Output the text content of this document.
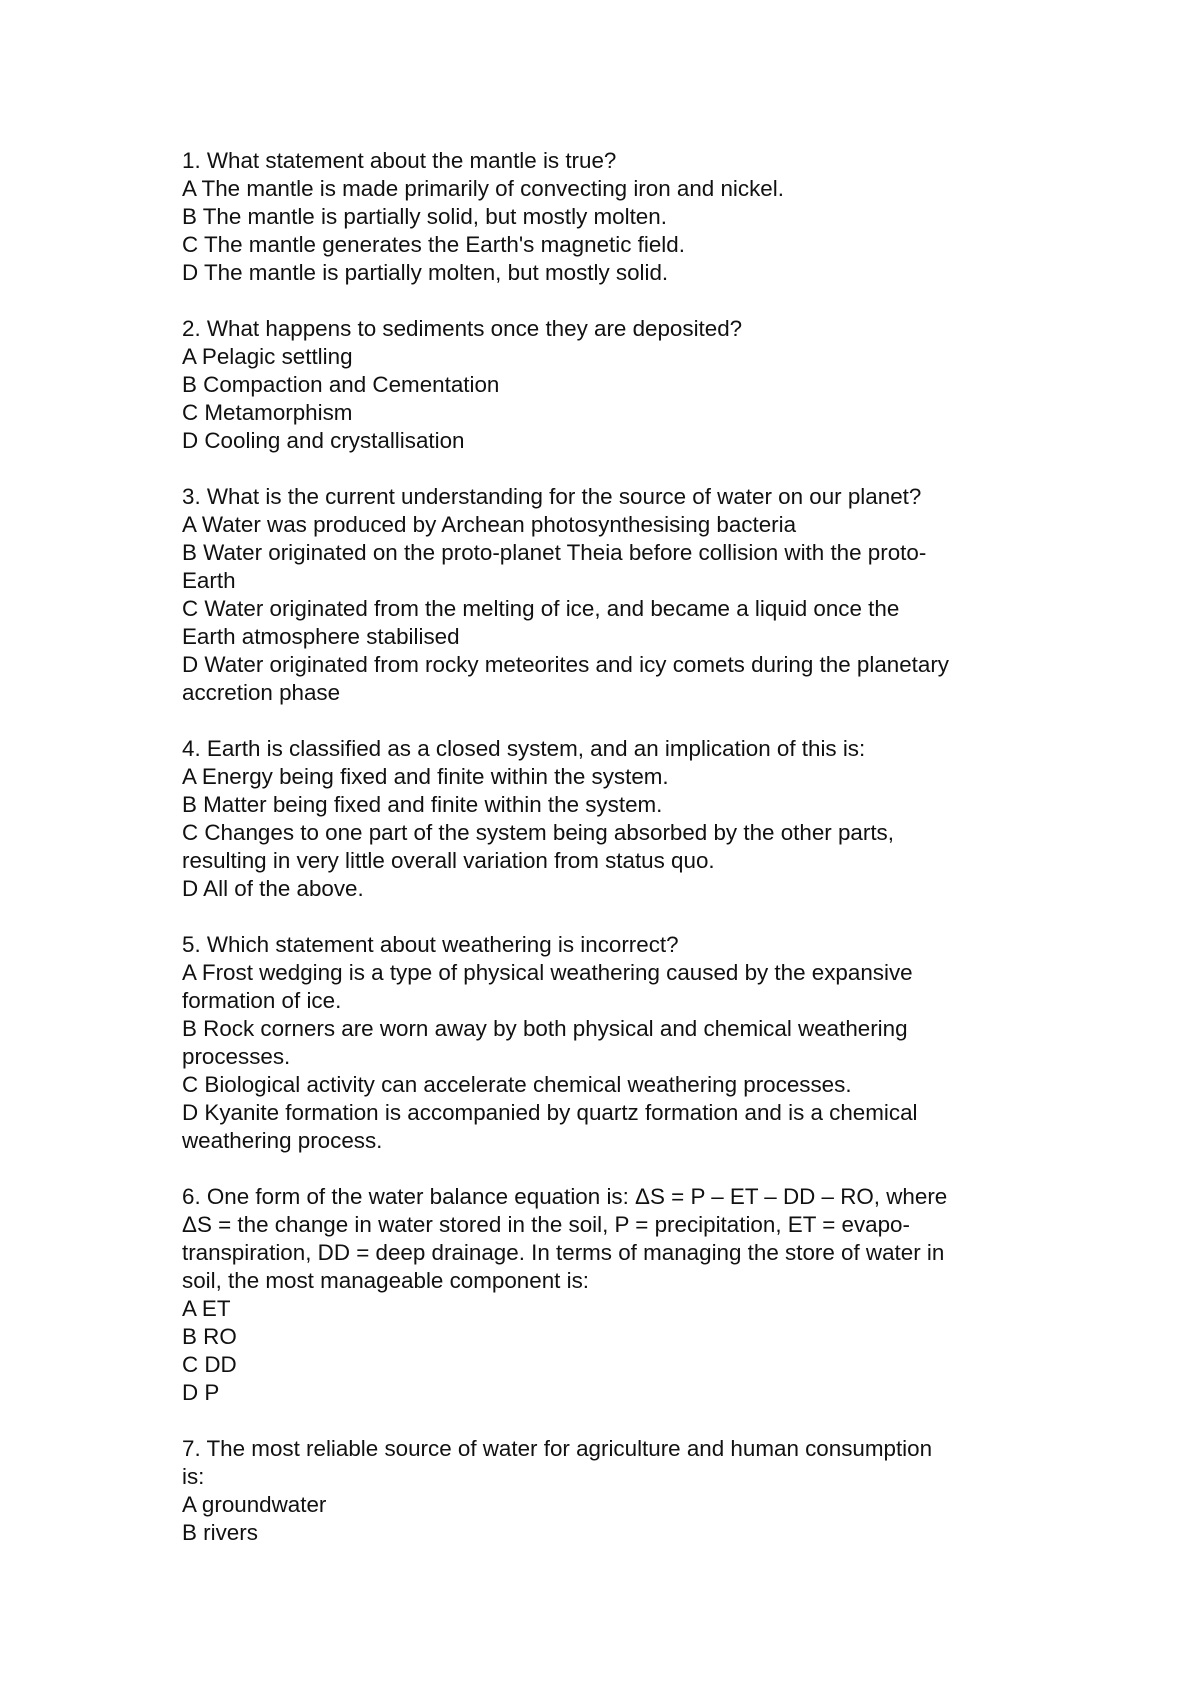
1. What statement about the mantle is true?

A The mantle is made primarily of convecting iron and nickel.

B The mantle is partially solid, but mostly molten.

C The mantle generates the Earth's magnetic field.

D The mantle is partially molten, but mostly solid.

2. What happens to sediments once they are deposited?

A Pelagic settling

B Compaction and Cementation

C Metamorphism

D Cooling and crystallisation

3. What is the current understanding for the source of water on our planet?

A Water was produced by Archean photosynthesising bacteria

B Water originated on the proto-planet Theia before collision with the proto-
Earth

C Water originated from the melting of ice, and became a liquid once the
Earth atmosphere stabilised

D Water originated from rocky meteorites and icy comets during the planetary
accretion phase

4. Earth is classified as a closed system, and an implication of this is:

A Energy being fixed and finite within the system.

B Matter being fixed and finite within the system.

C Changes to one part of the system being absorbed by the other parts,
resulting in very little overall variation from status quo.

D All of the above.

5. Which statement about weathering is incorrect?

A Frost wedging is a type of physical weathering caused by the expansive
formation of ice.

B Rock corners are worn away by both physical and chemical weathering
processes.

C Biological activity can accelerate chemical weathering processes.

D Kyanite formation is accompanied by quartz formation and is a chemical
weathering process.

6. One form of the water balance equation is: ΔS = P – ET – DD – RO, where
ΔS = the change in water stored in the soil, P = precipitation, ET = evapo-
transpiration, DD = deep drainage. In terms of managing the store of water in
soil, the most manageable component is:

A ET

B RO

C DD

D P

7. The most reliable source of water for agriculture and human consumption
is:

A groundwater

B rivers
